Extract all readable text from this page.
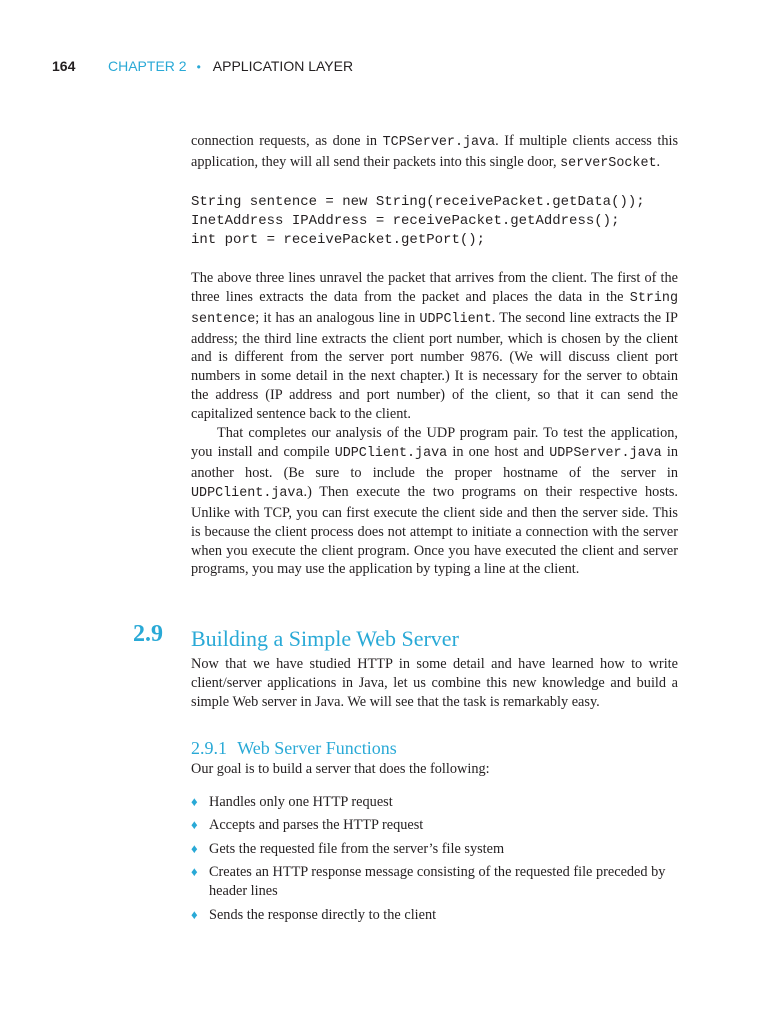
164 CHAPTER 2 • APPLICATION LAYER

connection requests, as done in TCPServer.java. If multiple clients access this application, they will all send their packets into this single door, serverSocket.

String sentence = new String(receivePacket.getData());
InetAddress IPAddress = receivePacket.getAddress();
int port = receivePacket.getPort();

The above three lines unravel the packet that arrives from the client. The first of the three lines extracts the data from the packet and places the data in the String sentence; it has an analogous line in UDPClient. The second line extracts the IP address; the third line extracts the client port number, which is chosen by the client and is different from the server port number 9876. (We will discuss client port numbers in some detail in the next chapter.) It is necessary for the server to obtain the address (IP address and port number) of the client, so that it can send the capitalized sentence back to the client.

That completes our analysis of the UDP program pair. To test the application, you install and compile UDPClient.java in one host and UDPServer.java in another host. (Be sure to include the proper hostname of the server in UDPClient.java.) Then execute the two programs on their respective hosts. Unlike with TCP, you can first execute the client side and then the server side. This is because the client process does not attempt to initiate a connection with the server when you execute the client program. Once you have executed the client and server programs, you may use the application by typing a line at the client.

2.9 Building a Simple Web Server

Now that we have studied HTTP in some detail and have learned how to write client/server applications in Java, let us combine this new knowledge and build a simple Web server in Java. We will see that the task is remarkably easy.

2.9.1 Web Server Functions

Our goal is to build a server that does the following:

♦ Handles only one HTTP request
♦ Accepts and parses the HTTP request
♦ Gets the requested file from the server’s file system
♦ Creates an HTTP response message consisting of the requested file preceded by header lines
♦ Sends the response directly to the client
